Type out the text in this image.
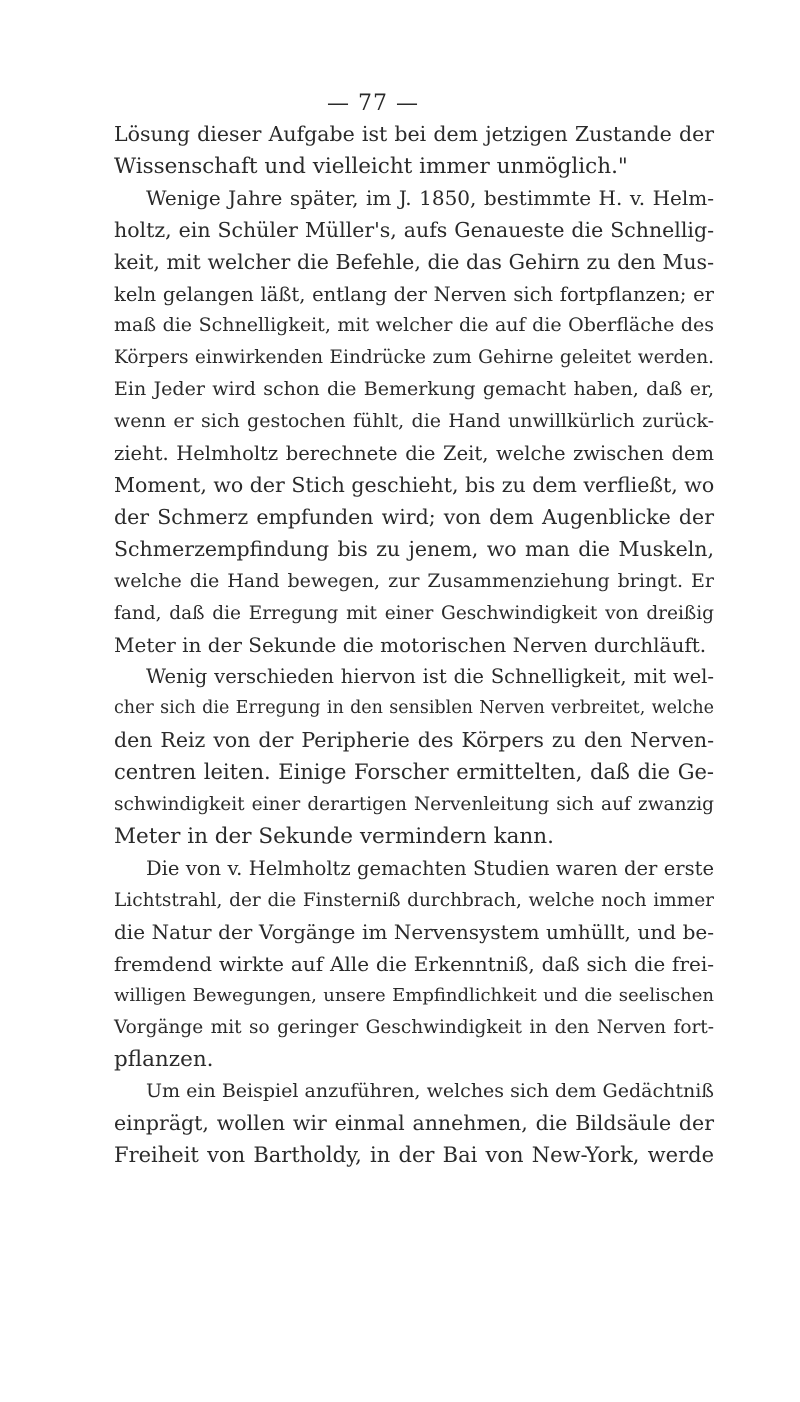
— 77 —
Lösung dieser Aufgabe ist bei dem jetzigen Zustande der
Wissenschaft und vielleicht immer unmöglich."
Wenige Jahre später, im J. 1850, bestimmte H. v. Helm-
holtz, ein Schüler Müller's, aufs Genaueste die Schnellig-
keit, mit welcher die Befehle, die das Gehirn zu den Mus-
keln gelangen läßt, entlang der Nerven sich fortpflanzen; er
maß die Schnelligkeit, mit welcher die auf die Oberfläche des
Körpers einwirkenden Eindrücke zum Gehirne geleitet werden.
Ein Jeder wird schon die Bemerkung gemacht haben, daß er,
wenn er sich gestochen fühlt, die Hand unwillkürlich zurück-
zieht. Helmholtz berechnete die Zeit, welche zwischen dem
Moment, wo der Stich geschieht, bis zu dem verfließt, wo
der Schmerz empfunden wird; von dem Augenblicke der
Schmerzempfindung bis zu jenem, wo man die Muskeln,
welche die Hand bewegen, zur Zusammenziehung bringt. Er
fand, daß die Erregung mit einer Geschwindigkeit von dreißig
Meter in der Sekunde die motorischen Nerven durchläuft.
Wenig verschieden hiervon ist die Schnelligkeit, mit wel-
cher sich die Erregung in den sensiblen Nerven verbreitet, welche
den Reiz von der Peripherie des Körpers zu den Nerven-
centren leiten. Einige Forscher ermittelten, daß die Ge-
schwindigkeit einer derartigen Nervenleitung sich auf zwanzig
Meter in der Sekunde vermindern kann.
Die von v. Helmholtz gemachten Studien waren der erste
Lichtstrahl, der die Finsterniß durchbrach, welche noch immer
die Natur der Vorgänge im Nervensystem umhüllt, und be-
fremdend wirkte auf Alle die Erkenntniß, daß sich die frei-
willigen Bewegungen, unsere Empfindlichkeit und die seelischen
Vorgänge mit so geringer Geschwindigkeit in den Nerven fort-
pflanzen.
Um ein Beispiel anzuführen, welches sich dem Gedächtniß
einprägt, wollen wir einmal annehmen, die Bildsäule der
Freiheit von Bartholdy, in der Bai von New-York, werde
